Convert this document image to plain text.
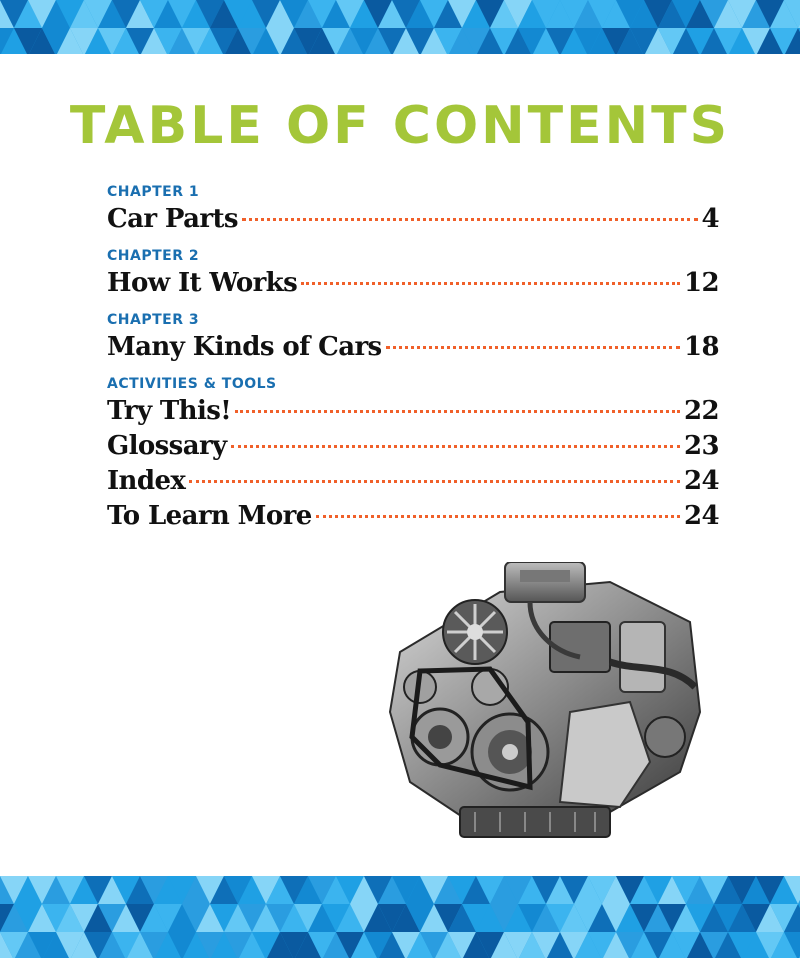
TABLE OF CONTENTS
CHAPTER 1
Car Parts	4
CHAPTER 2
How It Works	12
CHAPTER 3
Many Kinds of Cars	18
ACTIVITIES & TOOLS
Try This!	22
Glossary	23
Index	24
To Learn More	24
